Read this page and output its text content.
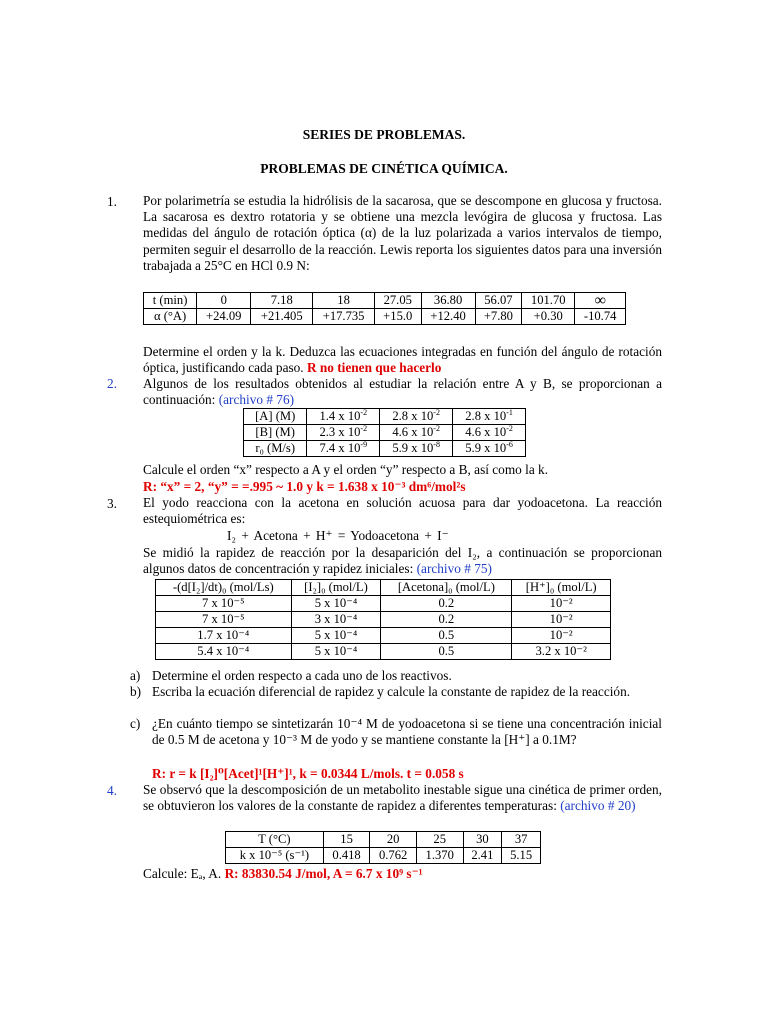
SERIES DE PROBLEMAS.
PROBLEMAS DE CINÉTICA QUÍMICA.
1. Por polarimetría se estudia la hidrólisis de la sacarosa, que se descompone en glucosa y fructosa. La sacarosa es dextro rotatoria y se obtiene una mezcla levógira de glucosa y fructosa. Las medidas del ángulo de rotación óptica (α) de la luz polarizada a varios intervalos de tiempo, permiten seguir el desarrollo de la reacción. Lewis reporta los siguientes datos para una inversión trabajada a 25°C en HCl 0.9 N:
t (min)	0	7.18	18	27.05	36.80	56.07	101.70	∞
α (°A)	+24.09	+21.405	+17.735	+15.0	+12.40	+7.80	+0.30	-10.74
Determine el orden y la k. Deduzca las ecuaciones integradas en función del ángulo de rotación óptica, justificando cada paso. R no tienen que hacerlo
2. Algunos de los resultados obtenidos al estudiar la relación entre A y B, se proporcionan a continuación: (archivo # 76)
[A] (M)	1.4 x $10^{-2}$	2.8 x $10^{-2}$	2.8 x $10^{-1}$
[B] (M)	2.3 x $10^{-2}$	4.6 x $10^{-2}$	4.6 x $10^{-2}$
r₀ (M/s)	7.4 x $10^{-9}$	5.9 x $10^{-8}$	5.9 x $10^{-6}$
Calcule el orden “x” respecto a A y el orden “y” respecto a B, así como la k.
R: “x” = 2, “y” = =.995 ~ 1.0 y k = 1.638 x 10⁻³ dm⁶/mol²s
3. El yodo reacciona con la acetona en solución acuosa para dar yodoacetona. La reacción estequiométrica es:
I₂ + Acetona + H⁺ = Yodoacetona + I⁻
Se midió la rapidez de reacción por la desaparición del I₂, a continuación se proporcionan algunos datos de concentración y rapidez iniciales: (archivo # 75)
-(d[I₂]/dt)₀ (mol/Ls)	[I₂]₀ (mol/L)	[Acetona]₀ (mol/L)	[H⁺]₀ (mol/L)
7 x 10⁻⁵	5 x 10⁻⁴	0.2	10⁻²
7 x 10⁻⁵	3 x 10⁻⁴	0.2	10⁻²
1.7 x 10⁻⁴	5 x 10⁻⁴	0.5	10⁻²
5.4 x 10⁻⁴	5 x 10⁻⁴	0.5	3.2 x 10⁻²
a) Determine el orden respecto a cada uno de los reactivos.
b) Escriba la ecuación diferencial de rapidez y calcule la constante de rapidez de la reacción.
c) ¿En cuánto tiempo se sintetizarán 10⁻⁴ M de yodoacetona si se tiene una concentración inicial de 0.5 M de acetona y 10⁻³ M de yodo y se mantiene constante la [H⁺] a 0.1M?
R: r = k [I₂]⁰[Acet]¹[H⁺]¹, k = 0.0344 L/mols. t = 0.058 s
4. Se observó que la descomposición de un metabolito inestable sigue una cinética de primer orden, se obtuvieron los valores de la constante de rapidez a diferentes temperaturas: (archivo # 20)
T (°C)	15	20	25	30	37
k x 10⁻⁵ (s⁻¹)	0.418	0.762	1.370	2.41	5.15
Calcule: Eₐ, A. R: 83830.54 J/mol, A = 6.7 x 10⁹ s⁻¹
